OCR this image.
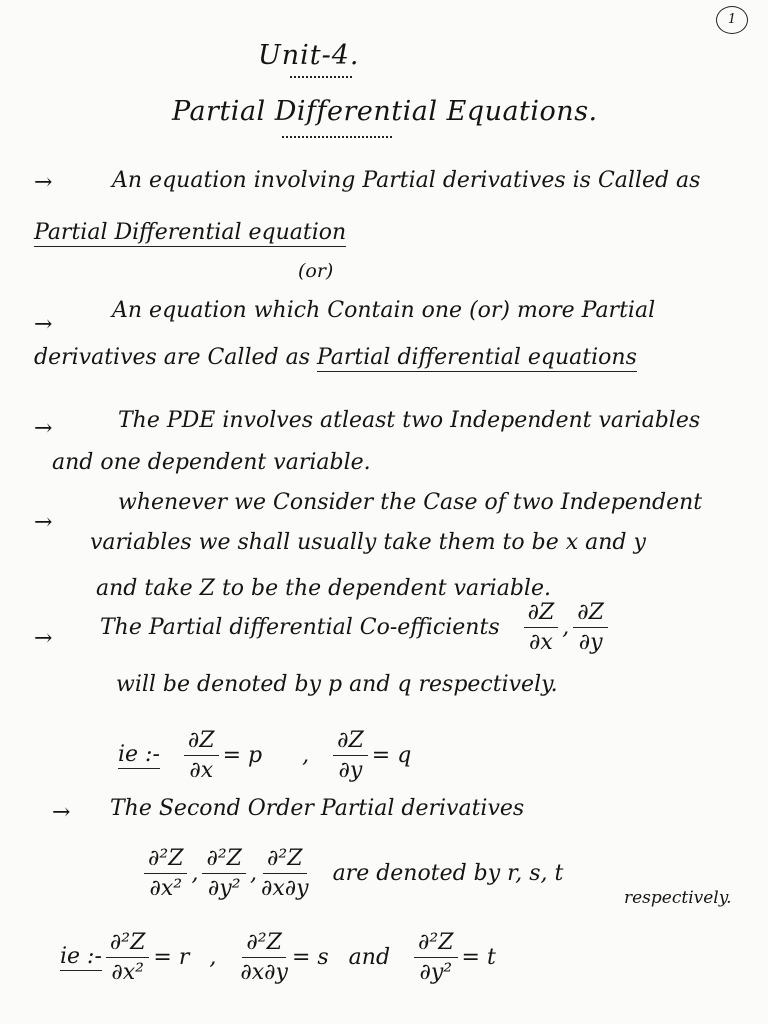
1
Unit-4.
Partial Differential Equations.
→	An equation involving Partial derivatives is Called as
Partial Differential equation
(or)
→
An equation which Contain one (or) more Partial
derivatives are Called as Partial differential equations
→	The PDE involves atleast two Independent variables
and one dependent variable.
→
whenever we Consider the Case of two Independent
variables we shall usually take them to be x and y
and take Z to be the dependent variable.
→ The Partial differential Co-efficients $\frac{\partial Z}{\partial x}$ , $\frac{\partial Z}{\partial y}$
will be denoted by p and q respectively.
ie :- $\frac{\partial Z}{\partial x} = p$ , $\frac{\partial Z}{\partial y} = q$
→ The Second Order Partial derivatives
$\frac{\text{∂²Z}}{\text{∂x²}}$ , $\frac{\text{∂²Z}}{\text{∂y²}}$ , $\frac{\text{∂²Z}}{\partial x\partial y}$ are denoted by r, s, t
respectively.
ie :- $\frac{\text{∂²Z}}{\text{∂x²}} = r$ , $\frac{\text{∂²Z}}{\partial x\partial y} = s$ and $\frac{\text{∂²Z}}{\text{∂y²}} = t$
